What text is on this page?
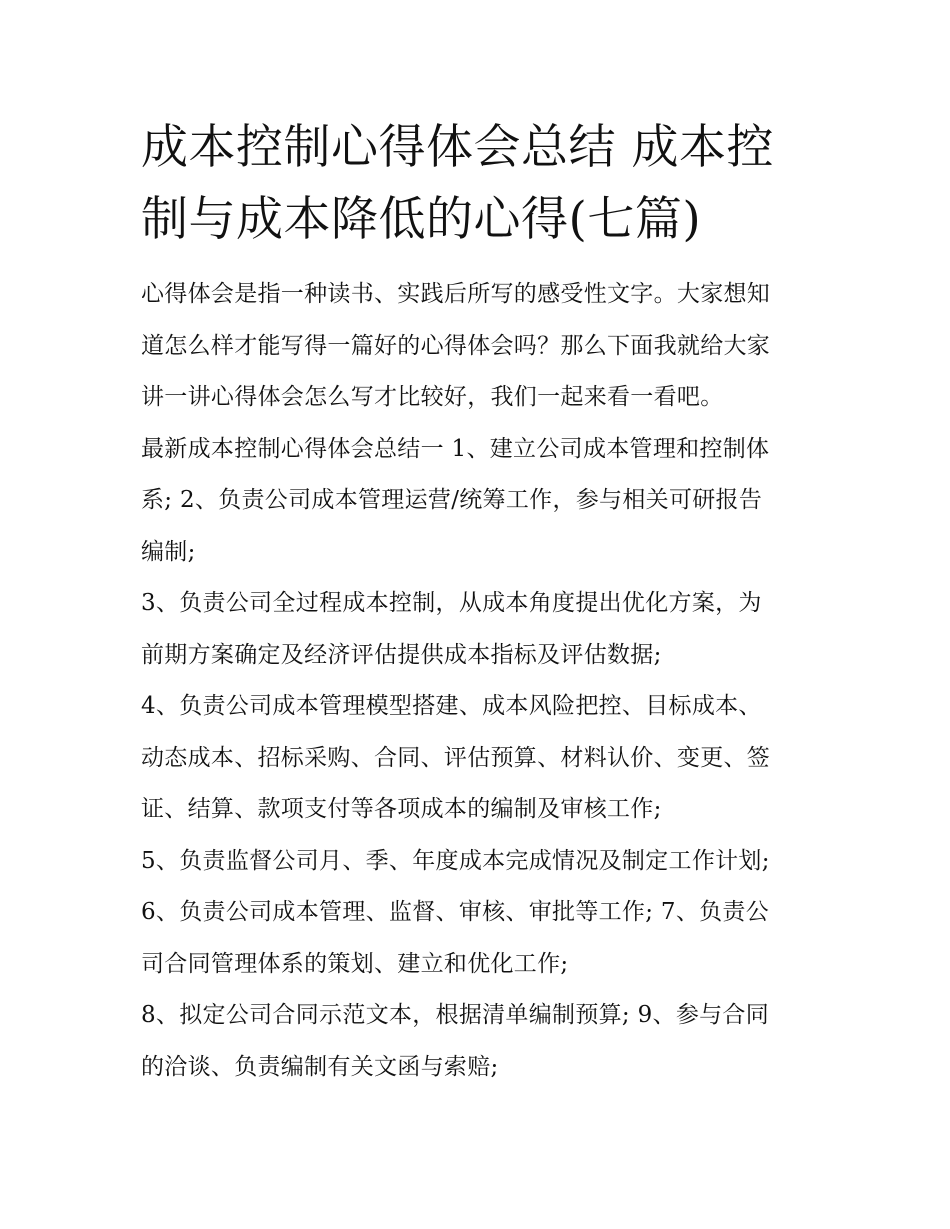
成本控制心得体会总结 成本控
制与成本降低的心得(七篇)

心得体会是指一种读书、实践后所写的感受性文字。大家想知
道怎么样才能写得一篇好的心得体会吗？那么下面我就给大家
讲一讲心得体会怎么写才比较好，我们一起来看一看吧。

最新成本控制心得体会总结一 1、建立公司成本管理和控制体
系; 2、负责公司成本管理运营/统筹工作，参与相关可研报告
编制;

3、负责公司全过程成本控制，从成本角度提出优化方案，为
前期方案确定及经济评估提供成本指标及评估数据;

4、负责公司成本管理模型搭建、成本风险把控、目标成本、
动态成本、招标采购、合同、评估预算、材料认价、变更、签
证、结算、款项支付等各项成本的编制及审核工作;

5、负责监督公司月、季、年度成本完成情况及制定工作计划;

6、负责公司成本管理、监督、审核、审批等工作; 7、负责公
司合同管理体系的策划、建立和优化工作;

8、拟定公司合同示范文本，根据清单编制预算; 9、参与合同
的洽谈、负责编制有关文函与索赔;
